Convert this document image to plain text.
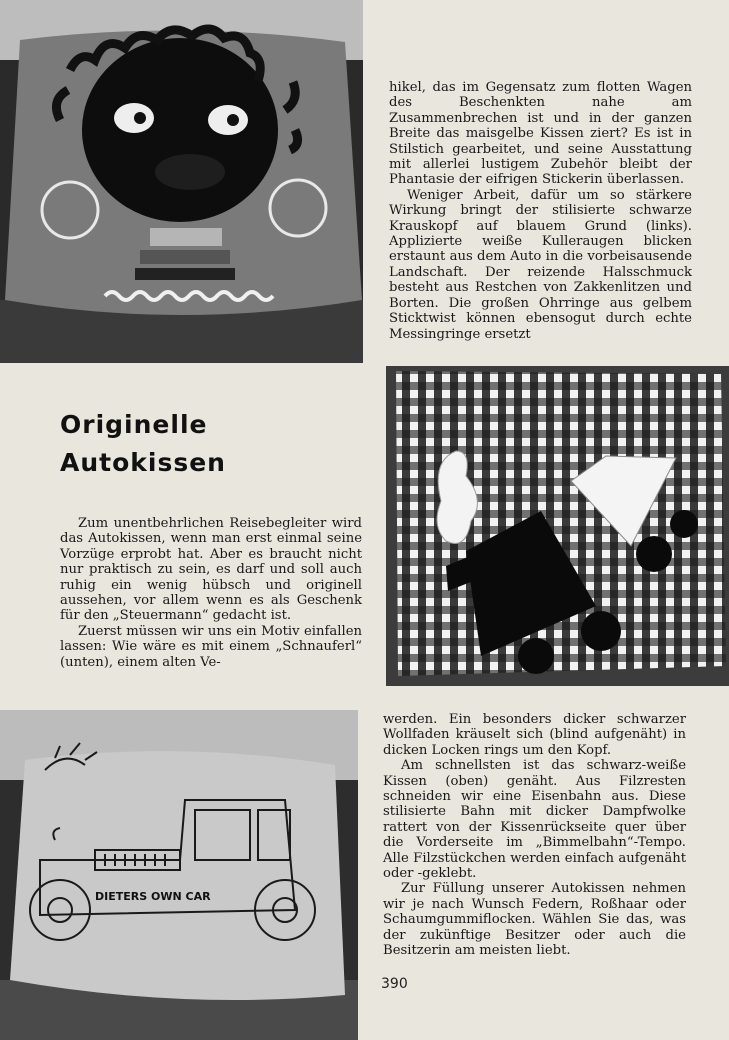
hikel, das im Gegensatz zum flotten Wagen des Beschenkten nahe am Zusammenbrechen ist und in der ganzen Breite das maisgelbe Kissen ziert? Es ist in Stilstich gearbeitet, und seine Ausstattung mit allerlei lustigem Zubehör bleibt der Phantasie der eifrigen Stickerin überlassen.

Weniger Arbeit, dafür um so stärkere Wirkung bringt der stilisierte schwarze Krauskopf auf blauem Grund (links). Applizierte weiße Kulleraugen blicken erstaunt aus dem Auto in die vorbeisausende Landschaft. Der reizende Halsschmuck besteht aus Restchen von Zakkenlitzen und Borten. Die großen Ohrringe aus gelbem Sticktwist können ebensogut durch echte Messingringe ersetzt

Originelle
Autokissen

Zum unentbehrlichen Reisebegleiter wird das Autokissen, wenn man erst einmal seine Vorzüge erprobt hat. Aber es braucht nicht nur praktisch zu sein, es darf und soll auch ruhig ein wenig hübsch und originell aussehen, vor allem wenn es als Geschenk für den „Steuermann“ gedacht ist.

Zuerst müssen wir uns ein Motiv einfallen lassen: Wie wäre es mit einem „Schnauferl“ (unten), einem alten Ve-

DIETERS OWN CAR

werden. Ein besonders dicker schwarzer Wollfaden kräuselt sich (blind aufgenäht) in dicken Locken rings um den Kopf.

Am schnellsten ist das schwarz-weiße Kissen (oben) genäht. Aus Filzresten schneiden wir eine Eisenbahn aus. Diese stilisierte Bahn mit dicker Dampfwolke rattert von der Kissenrückseite quer über die Vorderseite im „Bimmelbahn“-Tempo. Alle Filzstückchen werden einfach aufgenäht oder -geklebt.

Zur Füllung unserer Autokissen nehmen wir je nach Wunsch Federn, Roßhaar oder Schaumgummiflocken. Wählen Sie das, was der zukünftige Besitzer oder auch die Besitzerin am meisten liebt.

390
